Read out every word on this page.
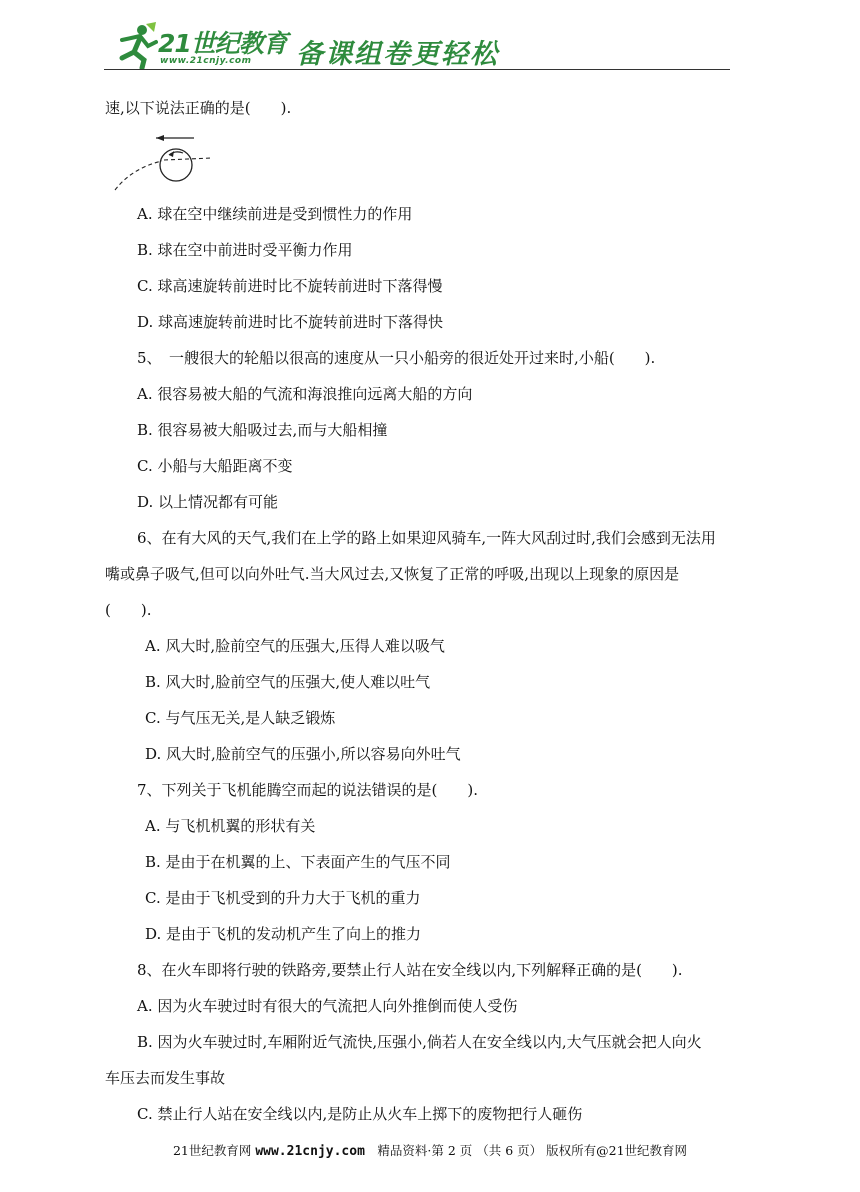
21世纪教育
www.21cnjy.com 备课组卷更轻松
速,以下说法正确的是(　　).
A. 球在空中继续前进是受到惯性力的作用
B. 球在空中前进时受平衡力作用
C. 球高速旋转前进时比不旋转前进时下落得慢
D. 球高速旋转前进时比不旋转前进时下落得快
5、　一艘很大的轮船以很高的速度从一只小船旁的很近处开过来时,小船(　　).
A. 很容易被大船的气流和海浪推向远离大船的方向
B. 很容易被大船吸过去,而与大船相撞
C. 小船与大船距离不变
D. 以上情况都有可能
6、在有大风的天气,我们在上学的路上如果迎风骑车,一阵大风刮过时,我们会感到无法用
嘴或鼻子吸气,但可以向外吐气.当大风过去,又恢复了正常的呼吸,出现以上现象的原因是
(　　).
A. 风大时,脸前空气的压强大,压得人难以吸气
B. 风大时,脸前空气的压强大,使人难以吐气
C. 与气压无关,是人缺乏锻炼
D. 风大时,脸前空气的压强小,所以容易向外吐气
7、下列关于飞机能腾空而起的说法错误的是(　　).
A. 与飞机机翼的形状有关
B. 是由于在机翼的上、下表面产生的气压不同
C. 是由于飞机受到的升力大于飞机的重力
D. 是由于飞机的发动机产生了向上的推力
8、在火车即将行驶的铁路旁,要禁止行人站在安全线以内,下列解释正确的是(　　).
A. 因为火车驶过时有很大的气流把人向外推倒而使人受伤
B. 因为火车驶过时,车厢附近气流快,压强小,倘若人在安全线以内,大气压就会把人向火
车压去而发生事故
C. 禁止行人站在安全线以内,是防止从火车上掷下的废物把行人砸伤
21世纪教育网 www.21cnjy.com　精品资料·第 2 页 （共 6 页） 版权所有@21世纪教育网
